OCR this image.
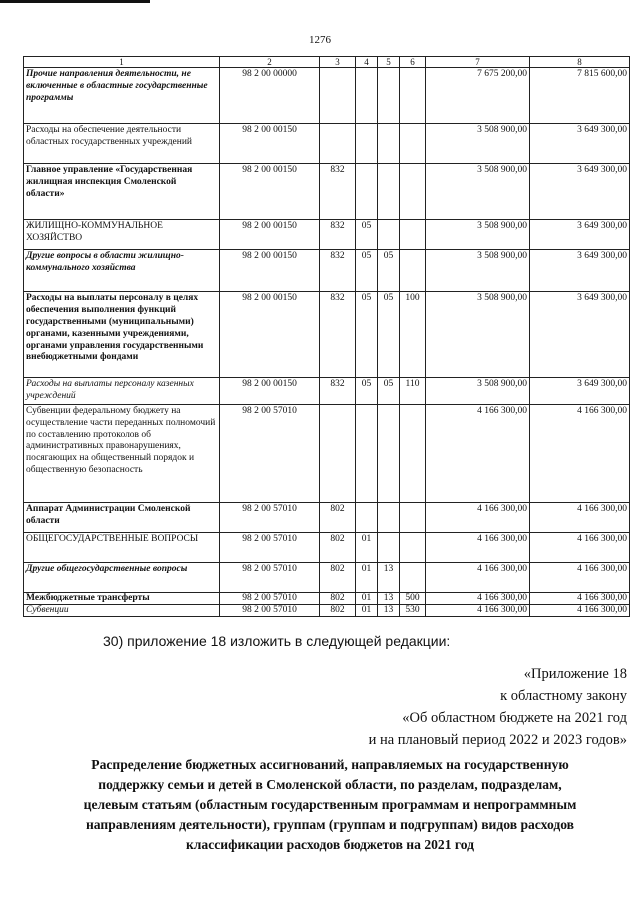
1276
1	2	3	4	5	6	7	8
Прочие направления деятельности, не включенные в областные государственные программы	98 2 00 00000					7 675 200,00	7 815 600,00
Расходы на обеспечение деятельности областных государственных учреждений	98 2 00 00150					3 508 900,00	3 649 300,00
Главное управление «Государственная жилищная инспекция Смоленской области»	98 2 00 00150	832				3 508 900,00	3 649 300,00
ЖИЛИЩНО-КОММУНАЛЬНОЕ ХОЗЯЙСТВО	98 2 00 00150	832	05			3 508 900,00	3 649 300,00
Другие вопросы в области жилищно-коммунального хозяйства	98 2 00 00150	832	05	05		3 508 900,00	3 649 300,00
Расходы на выплаты персоналу в целях обеспечения выполнения функций государственными (муниципальными) органами, казенными учреждениями, органами управления государственными внебюджетными фондами	98 2 00 00150	832	05	05	100	3 508 900,00	3 649 300,00
Расходы на выплаты персоналу казенных учреждений	98 2 00 00150	832	05	05	110	3 508 900,00	3 649 300,00
Субвенции федеральному бюджету на осуществление части переданных полномочий по составлению протоколов об административных правонарушениях, посягающих на общественный порядок и общественную безопасность	98 2 00 57010					4 166 300,00	4 166 300,00
Аппарат Администрации Смоленской области	98 2 00 57010	802				4 166 300,00	4 166 300,00
ОБЩЕГОСУДАРСТВЕННЫЕ ВОПРОСЫ	98 2 00 57010	802	01			4 166 300,00	4 166 300,00
Другие общегосударственные вопросы	98 2 00 57010	802	01	13		4 166 300,00	4 166 300,00
Межбюджетные трансферты	98 2 00 57010	802	01	13	500	4 166 300,00	4 166 300,00
Субвенции	98 2 00 57010	802	01	13	530	4 166 300,00	4 166 300,00
30) приложение 18 изложить в следующей редакции:
«Приложение 18
к областному закону
«Об областном бюджете на 2021 год
и на плановый период 2022 и 2023 годов»
Распределение бюджетных ассигнований, направляемых на государственную
поддержку семьи и детей в Смоленской области, по разделам, подразделам,
целевым статьям (областным государственным программам и непрограммным
направлениям деятельности), группам (группам и подгруппам) видов расходов
классификации расходов бюджетов на 2021 год
